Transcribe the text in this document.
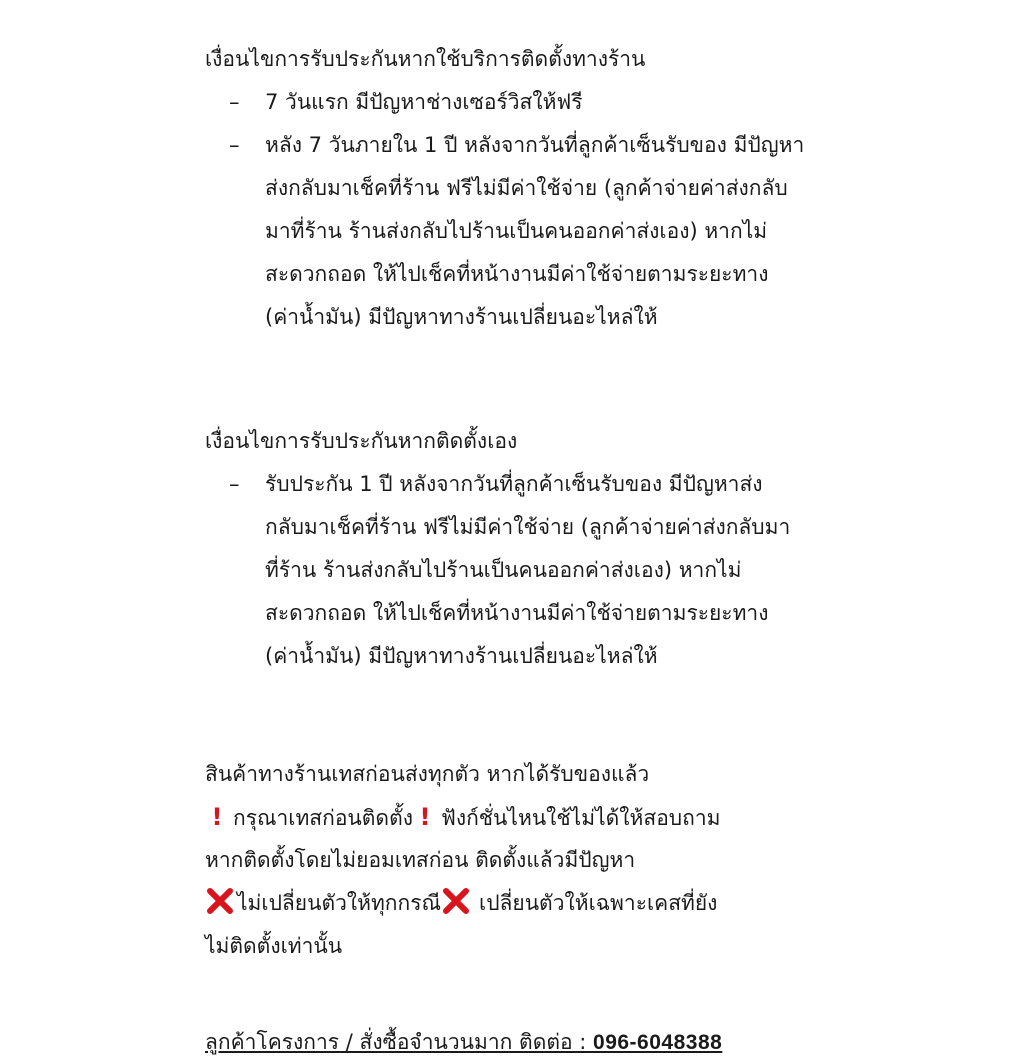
เงื่อนไขการรับประกันหากใช้บริการติดตั้งทางร้าน
– 7 วันแรก มีปัญหาช่างเซอร์วิสให้ฟรี
– หลัง 7 วันภายใน 1 ปี หลังจากวันที่ลูกค้าเซ็นรับของ มีปัญหา
ส่งกลับมาเช็คที่ร้าน ฟรีไม่มีค่าใช้จ่าย (ลูกค้าจ่ายค่าส่งกลับ
มาที่ร้าน ร้านส่งกลับไปร้านเป็นคนออกค่าส่งเอง) หากไม่
สะดวกถอด ให้ไปเช็คที่หน้างานมีค่าใช้จ่ายตามระยะทาง
(ค่าน้ำมัน) มีปัญหาทางร้านเปลี่ยนอะไหล่ให้
เงื่อนไขการรับประกันหากติดตั้งเอง
– รับประกัน 1 ปี หลังจากวันที่ลูกค้าเซ็นรับของ มีปัญหาส่ง
กลับมาเช็คที่ร้าน ฟรีไม่มีค่าใช้จ่าย (ลูกค้าจ่ายค่าส่งกลับมา
ที่ร้าน ร้านส่งกลับไปร้านเป็นคนออกค่าส่งเอง) หากไม่
สะดวกถอด ให้ไปเช็คที่หน้างานมีค่าใช้จ่ายตามระยะทาง
(ค่าน้ำมัน) มีปัญหาทางร้านเปลี่ยนอะไหล่ให้
สินค้าทางร้านเทสก่อนส่งทุกตัว หากได้รับของแล้ว
! กรุณาเทสก่อนติดตั้ง ! ฟังก์ชั่นไหนใช้ไม่ได้ให้สอบถาม
หากติดตั้งโดยไม่ยอมเทสก่อน ติดตั้งแล้วมีปัญหา
ไม่เปลี่ยนตัวให้ทุกกรณี เปลี่ยนตัวให้เฉพาะเคสที่ยัง
ไม่ติดตั้งเท่านั้น
ลูกค้าโครงการ / สั่งซื้อจำนวนมาก ติดต่อ : 096-6048388
